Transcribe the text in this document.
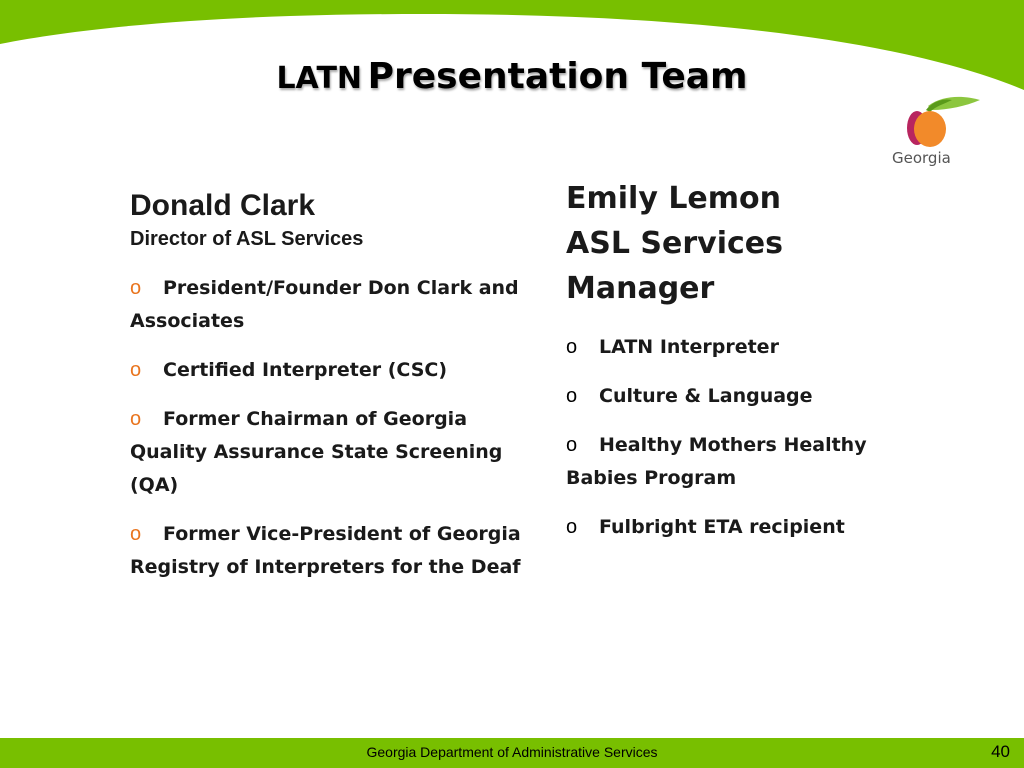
LATN Presentation Team
Georgia
Donald Clark
Director of ASL Services
o President/Founder Don Clark and Associates
o Certified Interpreter (CSC)
o Former Chairman of Georgia Quality Assurance State Screening (QA)
o Former Vice-President of Georgia Registry of Interpreters for the Deaf
Emily Lemon
ASL Services Manager
o LATN Interpreter
o Culture & Language
o Healthy Mothers Healthy Babies Program
o Fulbright ETA recipient
Georgia Department of Administrative Services	40
